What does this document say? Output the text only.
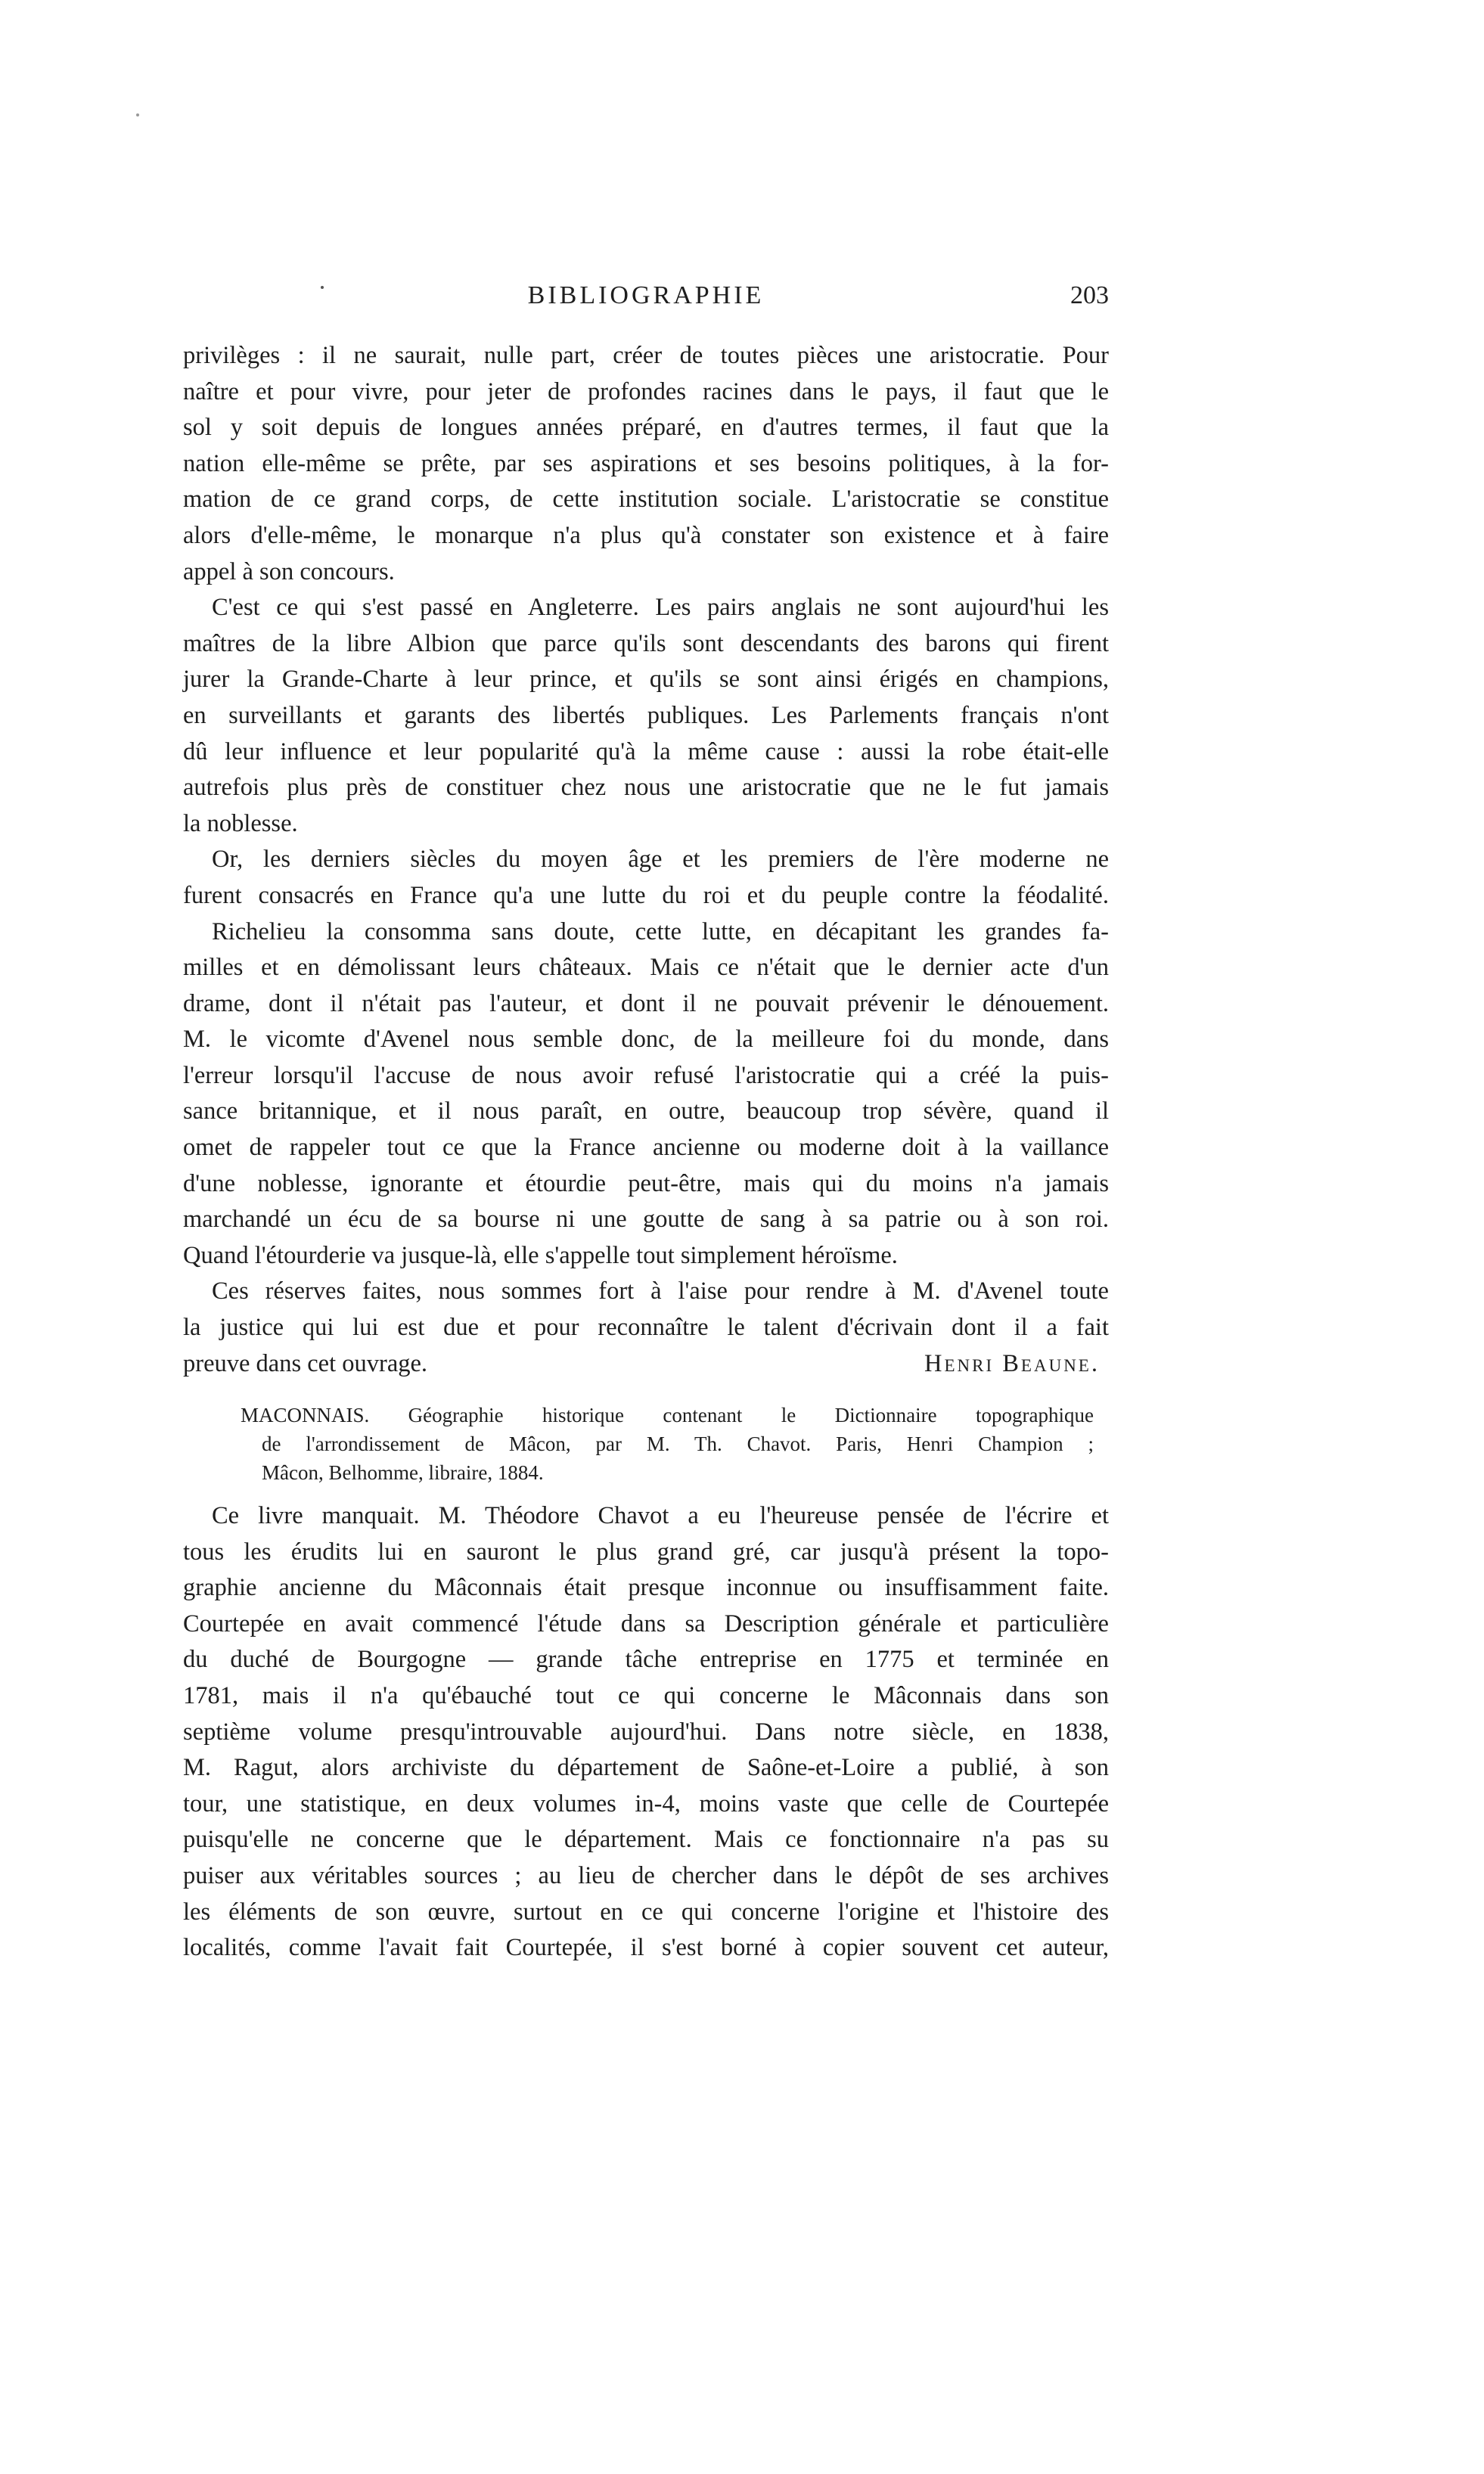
BIBLIOGRAPHIE	203
privilèges : il ne saurait, nulle part, créer de toutes pièces une aristocratie. Pour
naître et pour vivre, pour jeter de profondes racines dans le pays, il faut que le
sol y soit depuis de longues années préparé, en d'autres termes, il faut que la
nation elle-même se prête, par ses aspirations et ses besoins politiques, à la for-
mation de ce grand corps, de cette institution sociale. L'aristocratie se constitue
alors d'elle-même, le monarque n'a plus qu'à constater son existence et à faire
appel à son concours.
C'est ce qui s'est passé en Angleterre. Les pairs anglais ne sont aujourd'hui les
maîtres de la libre Albion que parce qu'ils sont descendants des barons qui firent
jurer la Grande-Charte à leur prince, et qu'ils se sont ainsi érigés en champions,
en surveillants et garants des libertés publiques. Les Parlements français n'ont
dû leur influence et leur popularité qu'à la même cause : aussi la robe était-elle
autrefois plus près de constituer chez nous une aristocratie que ne le fut jamais
la noblesse.
Or, les derniers siècles du moyen âge et les premiers de l'ère moderne ne
furent consacrés en France qu'a une lutte du roi et du peuple contre la féodalité.
Richelieu la consomma sans doute, cette lutte, en décapitant les grandes fa-
milles et en démolissant leurs châteaux. Mais ce n'était que le dernier acte d'un
drame, dont il n'était pas l'auteur, et dont il ne pouvait prévenir le dénouement.
M. le vicomte d'Avenel nous semble donc, de la meilleure foi du monde, dans
l'erreur lorsqu'il l'accuse de nous avoir refusé l'aristocratie qui a créé la puis-
sance britannique, et il nous paraît, en outre, beaucoup trop sévère, quand il
omet de rappeler tout ce que la France ancienne ou moderne doit à la vaillance
d'une noblesse, ignorante et étourdie peut-être, mais qui du moins n'a jamais
marchandé un écu de sa bourse ni une goutte de sang à sa patrie ou à son roi.
Quand l'étourderie va jusque-là, elle s'appelle tout simplement héroïsme.
Ces réserves faites, nous sommes fort à l'aise pour rendre à M. d'Avenel toute
la justice qui lui est due et pour reconnaître le talent d'écrivain dont il a fait
preuve dans cet ouvrage.	Henri Beaune.
MACONNAIS. Géographie historique contenant le Dictionnaire topographique
de l'arrondissement de Mâcon, par M. Th. Chavot. Paris, Henri Champion ;
Mâcon, Belhomme, libraire, 1884.
Ce livre manquait. M. Théodore Chavot a eu l'heureuse pensée de l'écrire et
tous les érudits lui en sauront le plus grand gré, car jusqu'à présent la topo-
graphie ancienne du Mâconnais était presque inconnue ou insuffisamment faite.
Courtepée en avait commencé l'étude dans sa Description générale et particulière
du duché de Bourgogne — grande tâche entreprise en 1775 et terminée en
1781, mais il n'a qu'ébauché tout ce qui concerne le Mâconnais dans son
septième volume presqu'introuvable aujourd'hui. Dans notre siècle, en 1838,
M. Ragut, alors archiviste du département de Saône-et-Loire a publié, à son
tour, une statistique, en deux volumes in-4, moins vaste que celle de Courtepée
puisqu'elle ne concerne que le département. Mais ce fonctionnaire n'a pas su
puiser aux véritables sources ; au lieu de chercher dans le dépôt de ses archives
les éléments de son œuvre, surtout en ce qui concerne l'origine et l'histoire des
localités, comme l'avait fait Courtepée, il s'est borné à copier souvent cet auteur,
